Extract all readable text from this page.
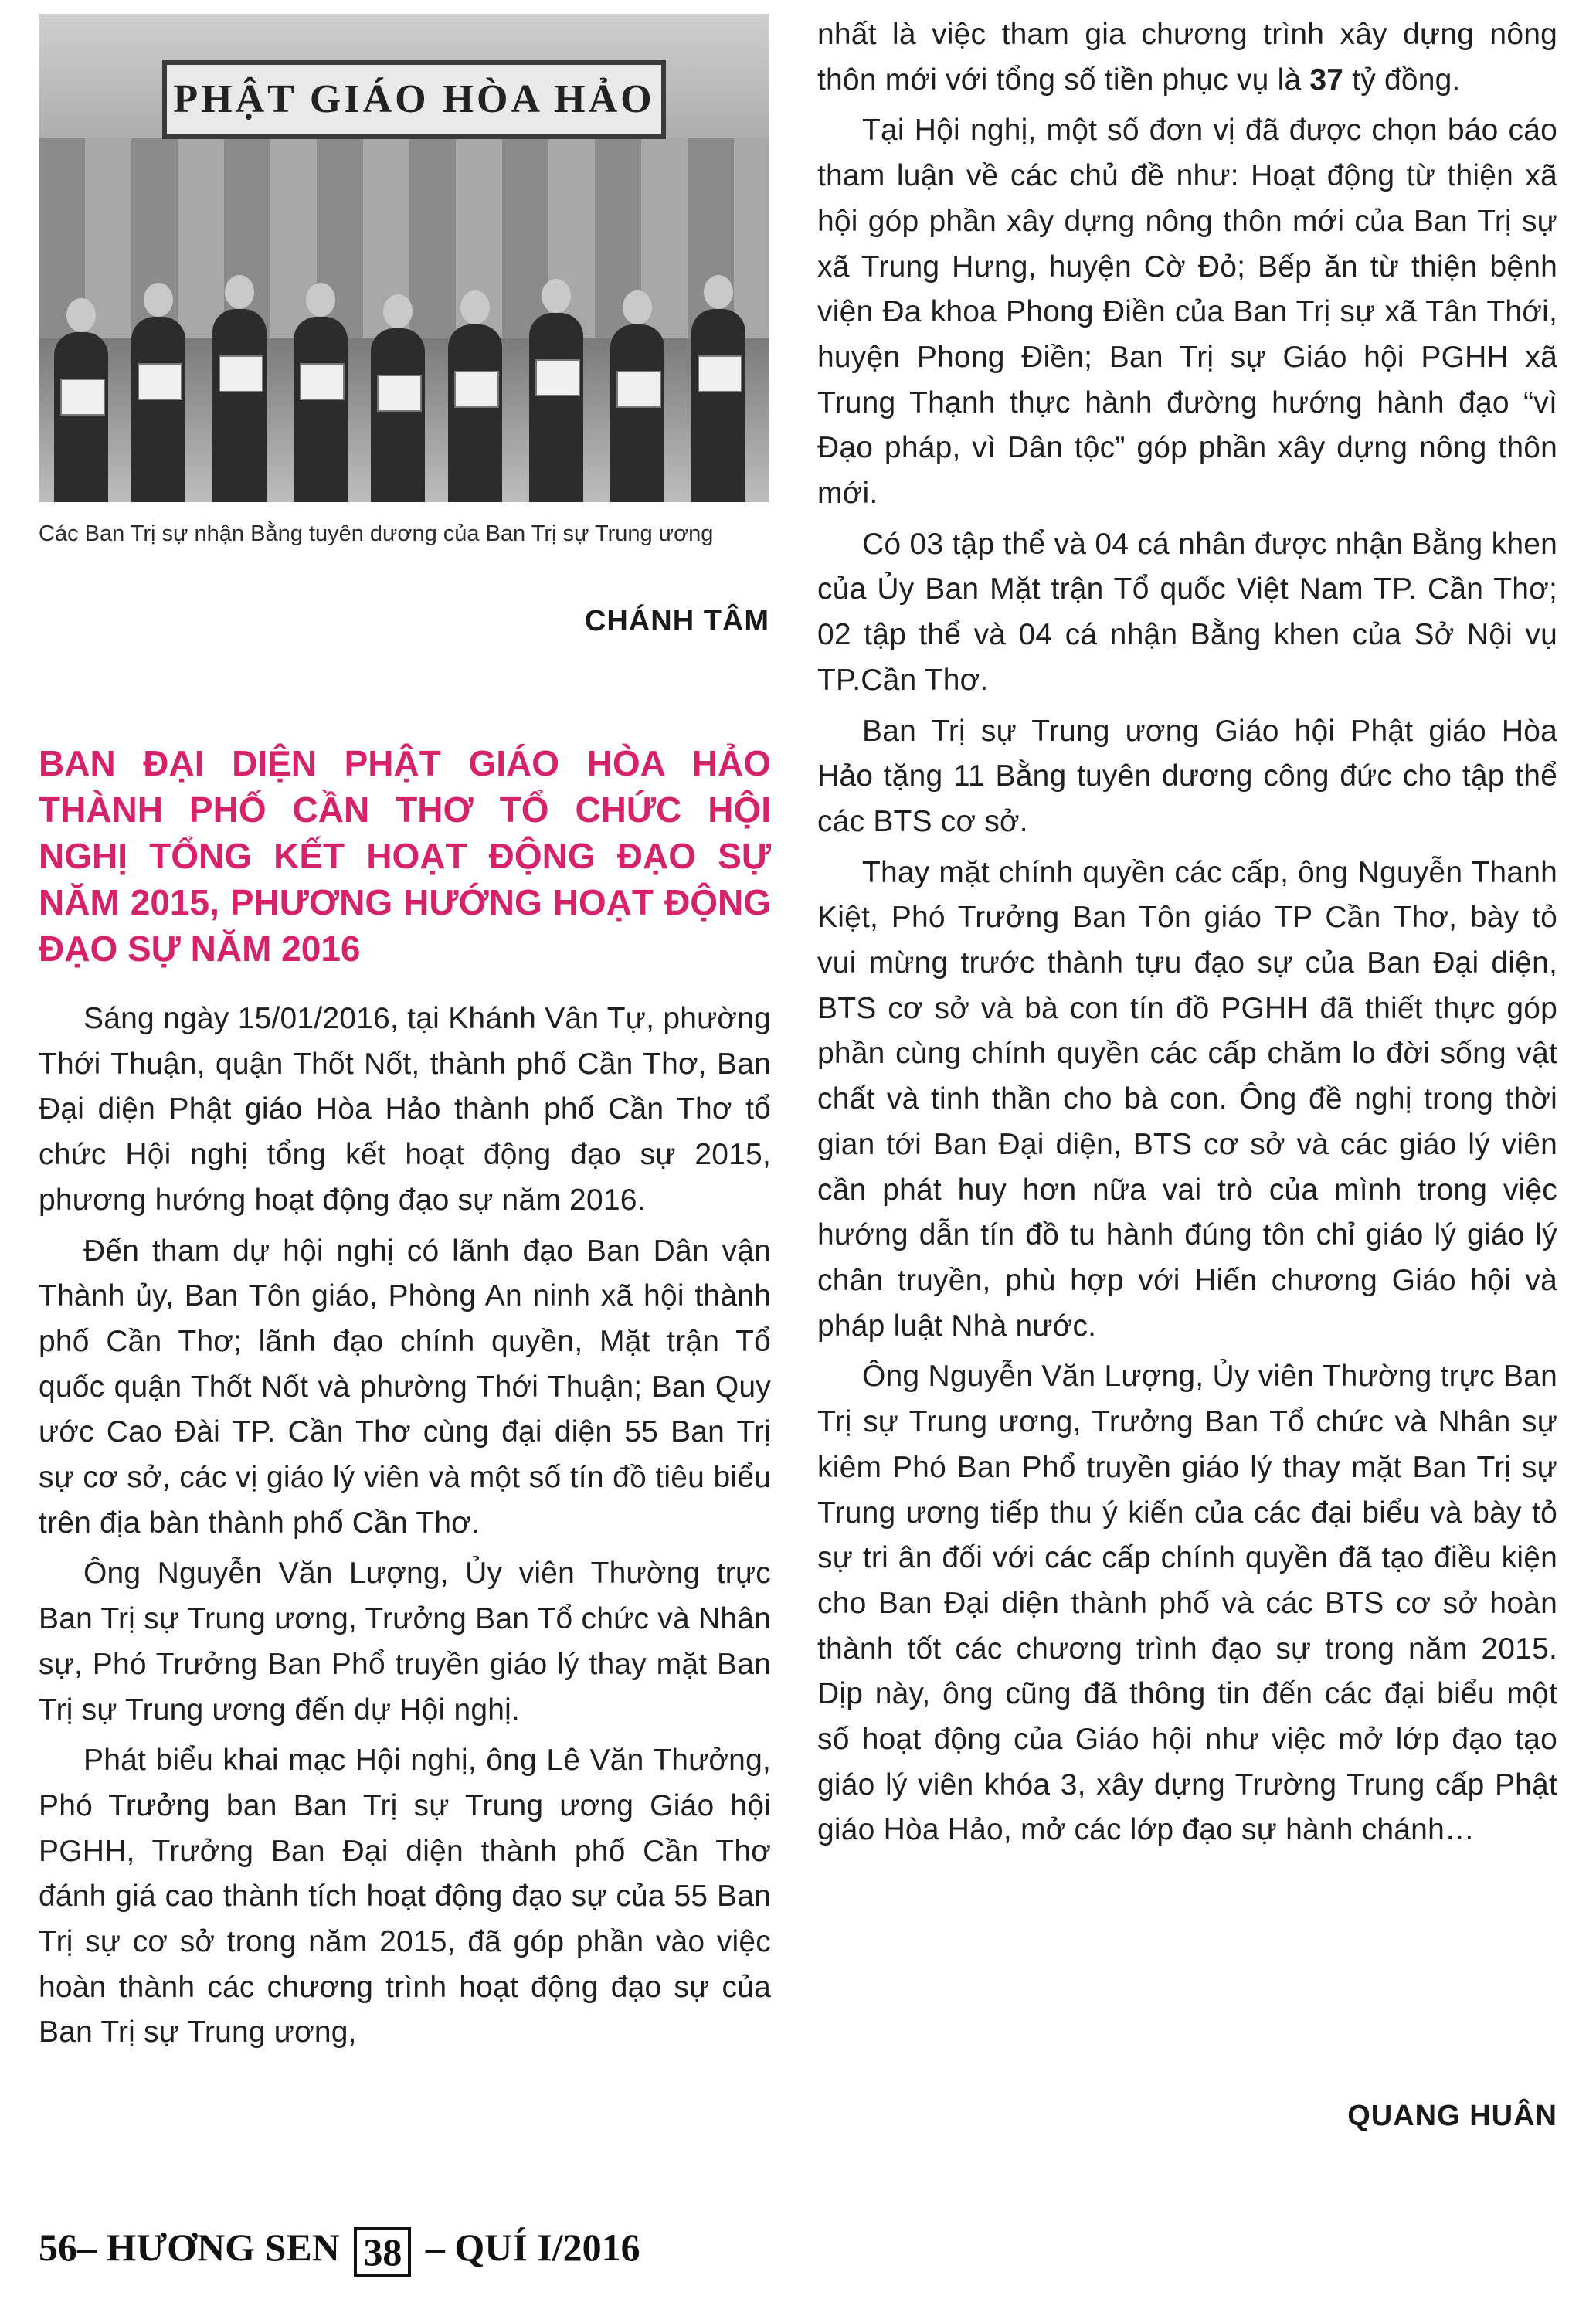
PHẬT GIÁO HÒA HẢO
Các Ban Trị sự nhận Bằng tuyên dương của Ban Trị sự Trung ương
CHÁNH TÂM
BAN ĐẠI DIỆN PHẬT GIÁO HÒA HẢO THÀNH PHỐ CẦN THƠ TỔ CHỨC HỘI NGHỊ TỔNG KẾT HOẠT ĐỘNG ĐẠO SỰ NĂM 2015, PHƯƠNG HƯỚNG HOẠT ĐỘNG ĐẠO SỰ NĂM 2016

Sáng ngày 15/01/2016, tại Khánh Vân Tự, phường Thới Thuận, quận Thốt Nốt, thành phố Cần Thơ, Ban Đại diện Phật giáo Hòa Hảo thành phố Cần Thơ tổ chức Hội nghị tổng kết hoạt động đạo sự 2015, phương hướng hoạt động đạo sự năm 2016.

Đến tham dự hội nghị có lãnh đạo Ban Dân vận Thành ủy, Ban Tôn giáo, Phòng An ninh xã hội thành phố Cần Thơ; lãnh đạo chính quyền, Mặt trận Tổ quốc quận Thốt Nốt và phường Thới Thuận; Ban Quy ước Cao Đài TP. Cần Thơ cùng đại diện 55 Ban Trị sự cơ sở, các vị giáo lý viên và một số tín đồ tiêu biểu trên địa bàn thành phố Cần Thơ.

Ông Nguyễn Văn Lượng, Ủy viên Thường trực Ban Trị sự Trung ương, Trưởng Ban Tổ chức và Nhân sự, Phó Trưởng Ban Phổ truyền giáo lý thay mặt Ban Trị sự Trung ương đến dự Hội nghị.

Phát biểu khai mạc Hội nghị, ông Lê Văn Thưởng, Phó Trưởng ban Ban Trị sự Trung ương Giáo hội PGHH, Trưởng Ban Đại diện thành phố Cần Thơ đánh giá cao thành tích hoạt động đạo sự của 55 Ban Trị sự cơ sở trong năm 2015, đã góp phần vào việc hoàn thành các chương trình hoạt động đạo sự của Ban Trị sự Trung ương,

nhất là việc tham gia chương trình xây dựng nông thôn mới với tổng số tiền phục vụ là 37 tỷ đồng.

Tại Hội nghị, một số đơn vị đã được chọn báo cáo tham luận về các chủ đề như: Hoạt động từ thiện xã hội góp phần xây dựng nông thôn mới của Ban Trị sự xã Trung Hưng, huyện Cờ Đỏ; Bếp ăn từ thiện bệnh viện Đa khoa Phong Điền của Ban Trị sự xã Tân Thới, huyện Phong Điền; Ban Trị sự Giáo hội PGHH xã Trung Thạnh thực hành đường hướng hành đạo “vì Đạo pháp, vì Dân tộc” góp phần xây dựng nông thôn mới.

Có 03 tập thể và 04 cá nhân được nhận Bằng khen của Ủy Ban Mặt trận Tổ quốc Việt Nam TP. Cần Thơ; 02 tập thể và 04 cá nhận Bằng khen của Sở Nội vụ TP.Cần Thơ.

Ban Trị sự Trung ương Giáo hội Phật giáo Hòa Hảo tặng 11 Bằng tuyên dương công đức cho tập thể các BTS cơ sở.

Thay mặt chính quyền các cấp, ông Nguyễn Thanh Kiệt, Phó Trưởng Ban Tôn giáo TP Cần Thơ, bày tỏ vui mừng trước thành tựu đạo sự của Ban Đại diện, BTS cơ sở và bà con tín đồ PGHH đã thiết thực góp phần cùng chính quyền các cấp chăm lo đời sống vật chất và tinh thần cho bà con. Ông đề nghị trong thời gian tới Ban Đại diện, BTS cơ sở và các giáo lý viên cần phát huy hơn nữa vai trò của mình trong việc hướng dẫn tín đồ tu hành đúng tôn chỉ giáo lý giáo lý chân truyền, phù hợp với Hiến chương Giáo hội và pháp luật Nhà nước.

Ông Nguyễn Văn Lượng, Ủy viên Thường trực Ban Trị sự Trung ương, Trưởng Ban Tổ chức và Nhân sự kiêm Phó Ban Phổ truyền giáo lý thay mặt Ban Trị sự Trung ương tiếp thu ý kiến của các đại biểu và bày tỏ sự tri ân đối với các cấp chính quyền đã tạo điều kiện cho Ban Đại diện thành phố và các BTS cơ sở hoàn thành tốt các chương trình đạo sự trong năm 2015. Dịp này, ông cũng đã thông tin đến các đại biểu một số hoạt động của Giáo hội như việc mở lớp đạo tạo giáo lý viên khóa 3, xây dựng Trường Trung cấp Phật giáo Hòa Hảo, mở các lớp đạo sự hành chánh…

QUANG HUÂN
56– HƯƠNG SEN 38 – QUÍ I/2016
